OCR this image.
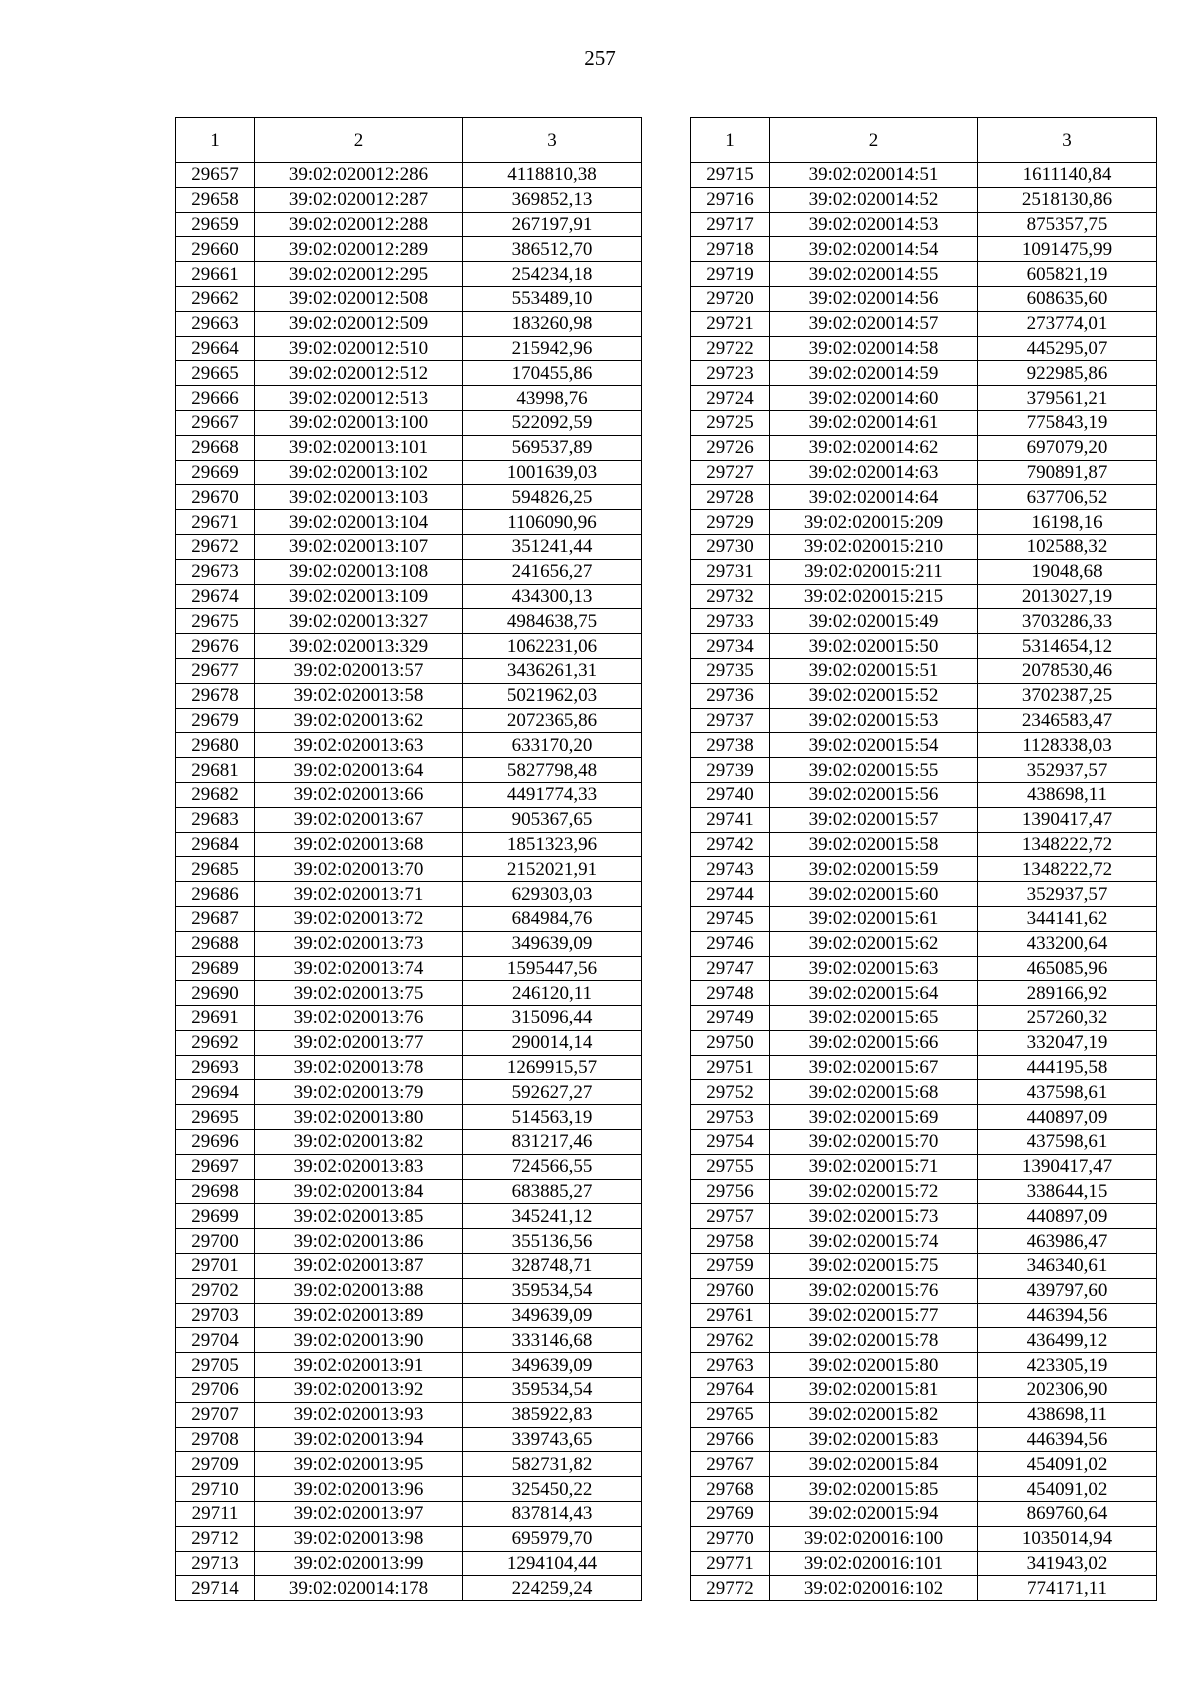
257
1	2	3
29657	39:02:020012:286	4118810,38
29658	39:02:020012:287	369852,13
29659	39:02:020012:288	267197,91
29660	39:02:020012:289	386512,70
29661	39:02:020012:295	254234,18
29662	39:02:020012:508	553489,10
29663	39:02:020012:509	183260,98
29664	39:02:020012:510	215942,96
29665	39:02:020012:512	170455,86
29666	39:02:020012:513	43998,76
29667	39:02:020013:100	522092,59
29668	39:02:020013:101	569537,89
29669	39:02:020013:102	1001639,03
29670	39:02:020013:103	594826,25
29671	39:02:020013:104	1106090,96
29672	39:02:020013:107	351241,44
29673	39:02:020013:108	241656,27
29674	39:02:020013:109	434300,13
29675	39:02:020013:327	4984638,75
29676	39:02:020013:329	1062231,06
29677	39:02:020013:57	3436261,31
29678	39:02:020013:58	5021962,03
29679	39:02:020013:62	2072365,86
29680	39:02:020013:63	633170,20
29681	39:02:020013:64	5827798,48
29682	39:02:020013:66	4491774,33
29683	39:02:020013:67	905367,65
29684	39:02:020013:68	1851323,96
29685	39:02:020013:70	2152021,91
29686	39:02:020013:71	629303,03
29687	39:02:020013:72	684984,76
29688	39:02:020013:73	349639,09
29689	39:02:020013:74	1595447,56
29690	39:02:020013:75	246120,11
29691	39:02:020013:76	315096,44
29692	39:02:020013:77	290014,14
29693	39:02:020013:78	1269915,57
29694	39:02:020013:79	592627,27
29695	39:02:020013:80	514563,19
29696	39:02:020013:82	831217,46
29697	39:02:020013:83	724566,55
29698	39:02:020013:84	683885,27
29699	39:02:020013:85	345241,12
29700	39:02:020013:86	355136,56
29701	39:02:020013:87	328748,71
29702	39:02:020013:88	359534,54
29703	39:02:020013:89	349639,09
29704	39:02:020013:90	333146,68
29705	39:02:020013:91	349639,09
29706	39:02:020013:92	359534,54
29707	39:02:020013:93	385922,83
29708	39:02:020013:94	339743,65
29709	39:02:020013:95	582731,82
29710	39:02:020013:96	325450,22
29711	39:02:020013:97	837814,43
29712	39:02:020013:98	695979,70
29713	39:02:020013:99	1294104,44
29714	39:02:020014:178	224259,24
1	2	3
29715	39:02:020014:51	1611140,84
29716	39:02:020014:52	2518130,86
29717	39:02:020014:53	875357,75
29718	39:02:020014:54	1091475,99
29719	39:02:020014:55	605821,19
29720	39:02:020014:56	608635,60
29721	39:02:020014:57	273774,01
29722	39:02:020014:58	445295,07
29723	39:02:020014:59	922985,86
29724	39:02:020014:60	379561,21
29725	39:02:020014:61	775843,19
29726	39:02:020014:62	697079,20
29727	39:02:020014:63	790891,87
29728	39:02:020014:64	637706,52
29729	39:02:020015:209	16198,16
29730	39:02:020015:210	102588,32
29731	39:02:020015:211	19048,68
29732	39:02:020015:215	2013027,19
29733	39:02:020015:49	3703286,33
29734	39:02:020015:50	5314654,12
29735	39:02:020015:51	2078530,46
29736	39:02:020015:52	3702387,25
29737	39:02:020015:53	2346583,47
29738	39:02:020015:54	1128338,03
29739	39:02:020015:55	352937,57
29740	39:02:020015:56	438698,11
29741	39:02:020015:57	1390417,47
29742	39:02:020015:58	1348222,72
29743	39:02:020015:59	1348222,72
29744	39:02:020015:60	352937,57
29745	39:02:020015:61	344141,62
29746	39:02:020015:62	433200,64
29747	39:02:020015:63	465085,96
29748	39:02:020015:64	289166,92
29749	39:02:020015:65	257260,32
29750	39:02:020015:66	332047,19
29751	39:02:020015:67	444195,58
29752	39:02:020015:68	437598,61
29753	39:02:020015:69	440897,09
29754	39:02:020015:70	437598,61
29755	39:02:020015:71	1390417,47
29756	39:02:020015:72	338644,15
29757	39:02:020015:73	440897,09
29758	39:02:020015:74	463986,47
29759	39:02:020015:75	346340,61
29760	39:02:020015:76	439797,60
29761	39:02:020015:77	446394,56
29762	39:02:020015:78	436499,12
29763	39:02:020015:80	423305,19
29764	39:02:020015:81	202306,90
29765	39:02:020015:82	438698,11
29766	39:02:020015:83	446394,56
29767	39:02:020015:84	454091,02
29768	39:02:020015:85	454091,02
29769	39:02:020015:94	869760,64
29770	39:02:020016:100	1035014,94
29771	39:02:020016:101	341943,02
29772	39:02:020016:102	774171,11
